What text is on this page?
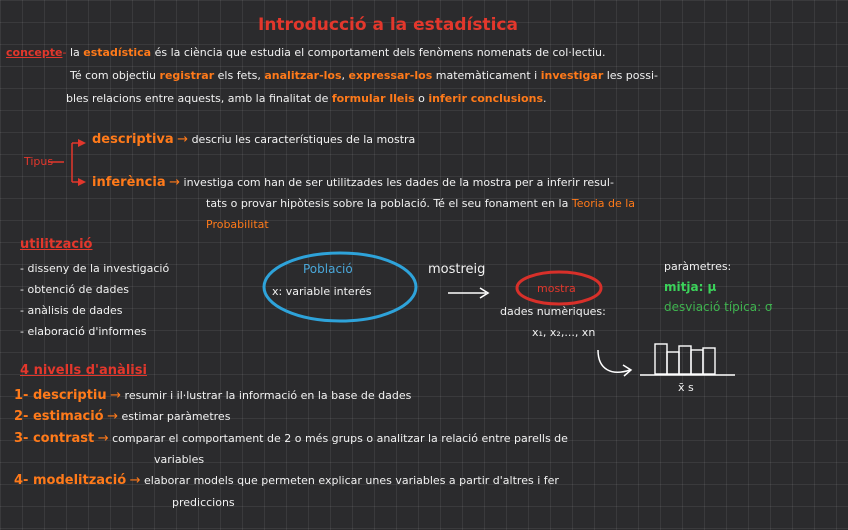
Introducció a la estadística
concepte- la estadística és la ciència que estudia el comportament dels fenòmens nomenats de col·lectiu.
Té com objectiu registrar els fets, analitzar-los, expressar-los matemàticament i investigar les possi-
bles relacions entre aquests, amb la finalitat de formular lleis o inferir conclusions.
Tipus
descriptiva → descriu les característiques de la mostra
inferència → investiga com han de ser utilitzades les dades de la mostra per a inferir resul-
tats o provar hipòtesis sobre la població. Té el seu fonament en la Teoria de la
Probabilitat
utilització
- disseny de la investigació
- obtenció de dades
- anàlisis de dades
- elaboració d'informes
Població
x: variable interés
mostreig
mostra
dades numèriques:
x₁, x₂,..., xn
paràmetres:
mitja: μ
desviació típica: σ
x̄ s
4 nivells d'anàlisi
1- descriptiu → resumir i il·lustrar la informació en la base de dades
2- estimació → estimar paràmetres
3- contrast → comparar el comportament de 2 o més grups o analitzar la relació entre parells de
variables
4- modelització → elaborar models que permeten explicar unes variables a partir d'altres i fer
prediccions
